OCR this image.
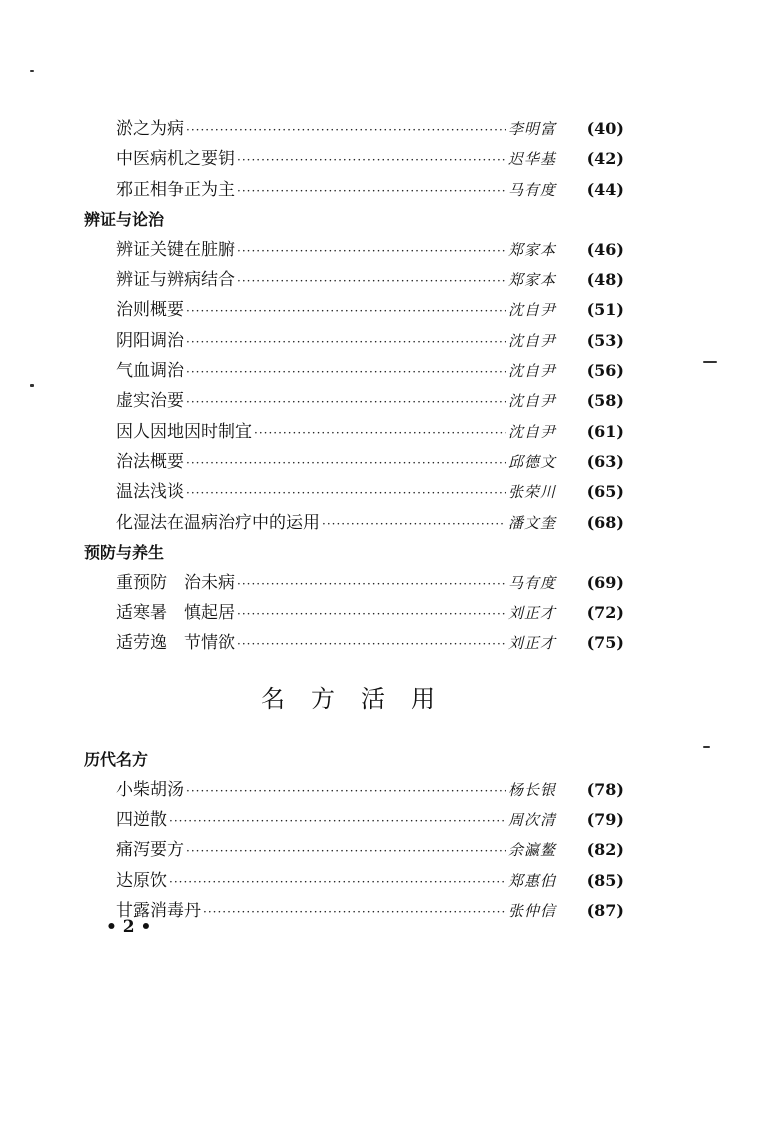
淤之为病 ·····	李明富	(40)
中医病机之要钥 ·····	迟华基	(42)
邪正相争正为主 ·····	马有度	(44)
辨证与论治
辨证关键在脏腑 ·····	郑家本	(46)
辨证与辨病结合 ·····	郑家本	(48)
治则概要 ·····	沈自尹	(51)
阴阳调治 ·····	沈自尹	(53)
气血调治 ·····	沈自尹	(56)
虚实治要 ·····	沈自尹	(58)
因人因地因时制宜 ·····	沈自尹	(61)
治法概要 ·····	邱德文	(63)
温法浅谈 ·····	张荣川	(65)
化湿法在温病治疗中的运用 ·····	潘文奎	(68)
预防与养生
重预防　治未病 ·····	马有度	(69)
适寒暑　慎起居 ·····	刘正才	(72)
适劳逸　节情欲 ·····	刘正才	(75)
名方活用
历代名方
小柴胡汤 ·····	杨长银	(78)
四逆散 ·····	周次清	(79)
痛泻要方 ·····	余瀛鳌	(82)
达原饮 ·····	郑惠伯	(85)
甘露消毒丹 ·····	张仲信	(87)
• 2 •
